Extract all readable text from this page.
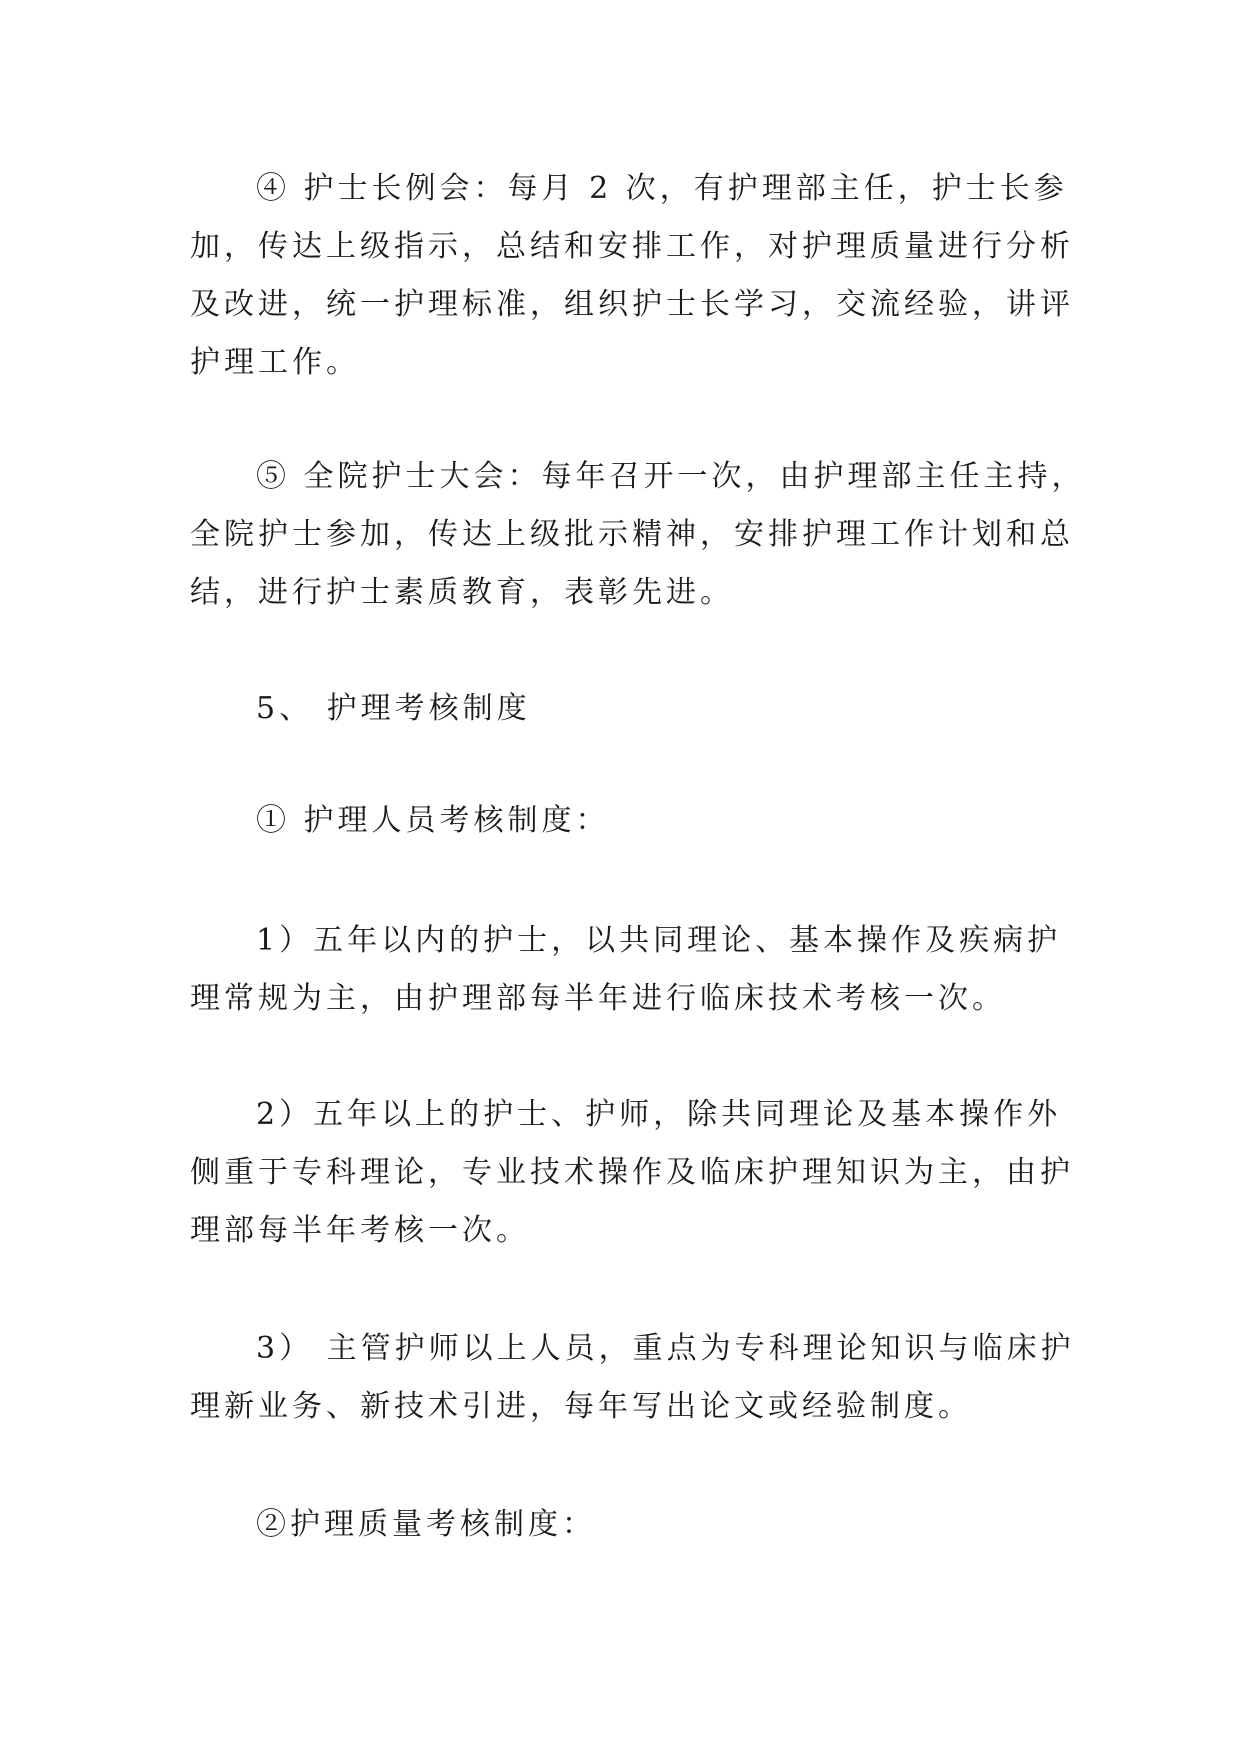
④ 护士长例会：每月 2 次，有护理部主任，护士长参
加，传达上级指示，总结和安排工作，对护理质量进行分析
及改进，统一护理标准，组织护士长学习，交流经验，讲评
护理工作。
⑤ 全院护士大会：每年召开一次，由护理部主任主持，
全院护士参加，传达上级批示精神，安排护理工作计划和总
结，进行护士素质教育，表彰先进。
5、 护理考核制度
① 护理人员考核制度：
1）五年以内的护士，以共同理论、基本操作及疾病护
理常规为主，由护理部每半年进行临床技术考核一次。
2）五年以上的护士、护师，除共同理论及基本操作外
侧重于专科理论，专业技术操作及临床护理知识为主，由护
理部每半年考核一次。
3） 主管护师以上人员，重点为专科理论知识与临床护
理新业务、新技术引进，每年写出论文或经验制度。
②护理质量考核制度：
